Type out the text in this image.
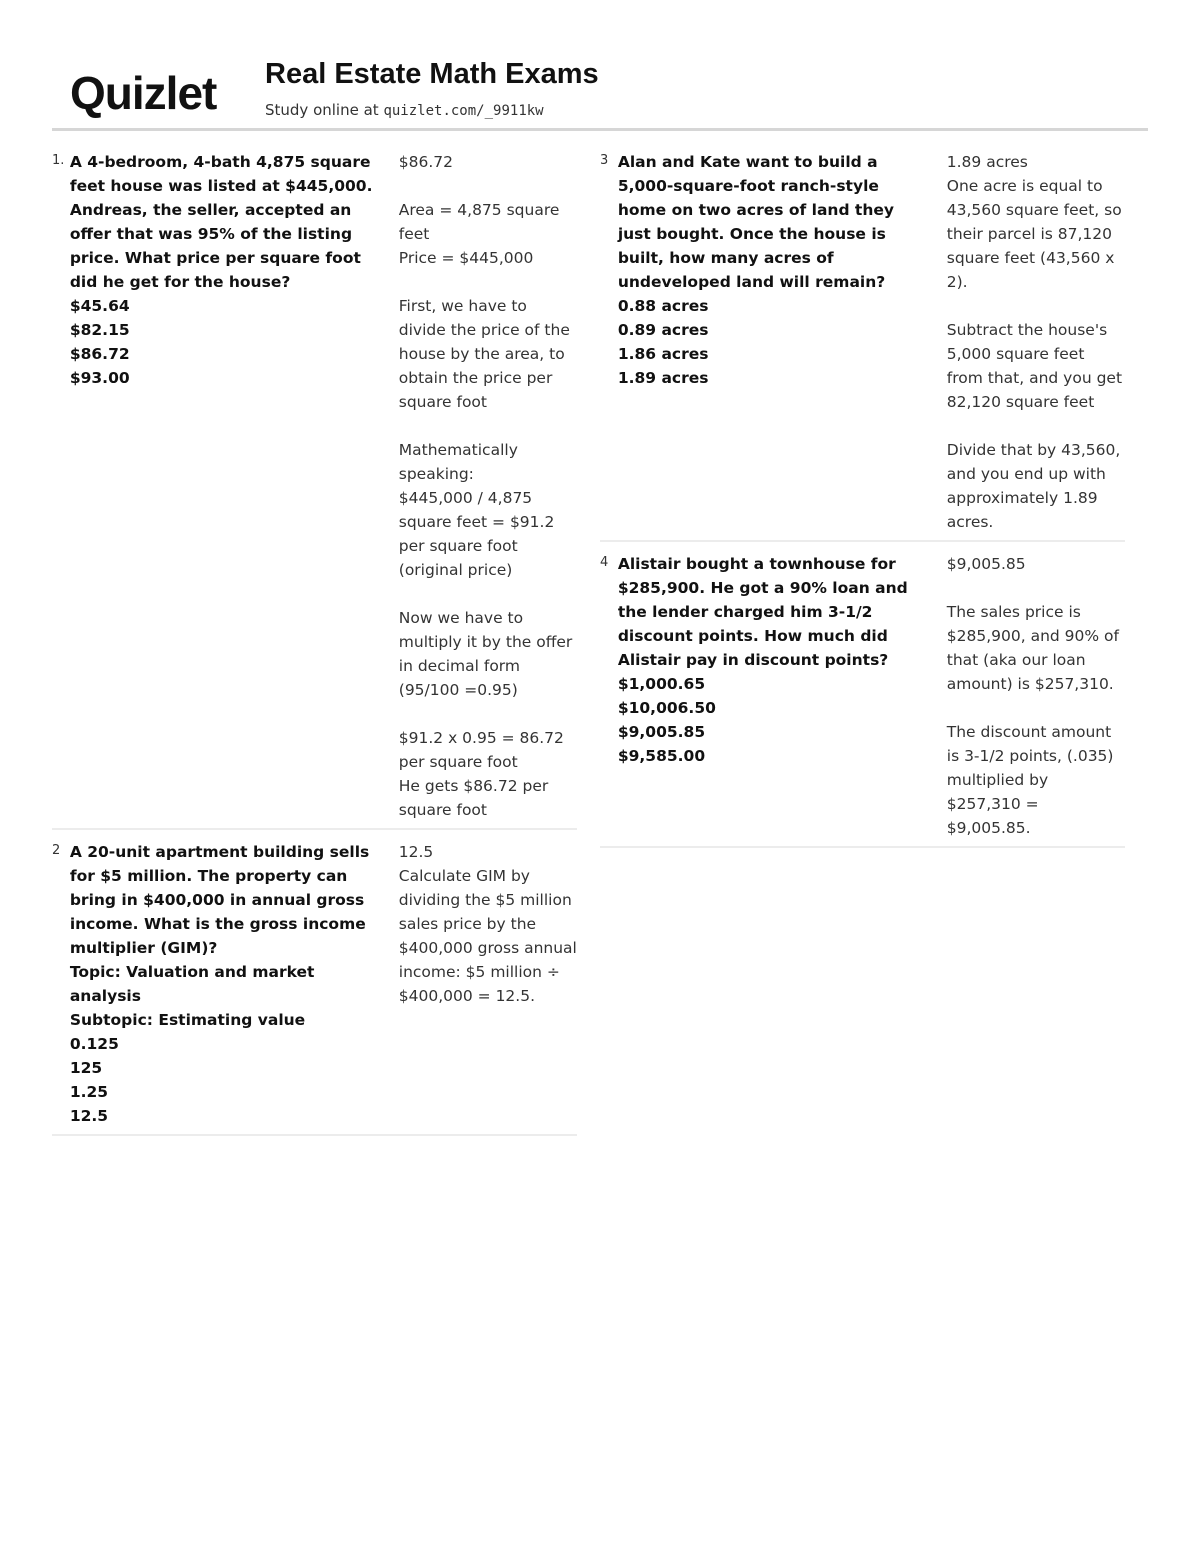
Quizlet Real Estate Math Exams
Study online at quizlet.com/_9911kw
1. A 4-bedroom, 4-bath 4,875 square feet house was listed at $445,000. Andreas, the seller, accepted an offer that was 95% of the listing price. What price per square foot did he get for the house?

$45.64

$82.15

$86.72

$93.00

$86.72

Area = 4,875 square feet
Price = $445,000

First, we have to divide the price of the house by the area, to obtain the price per square foot

Mathematically speaking:
$445,000 / 4,875 square feet = $91.2 per square foot (original price)

Now we have to multiply it by the offer in decimal form (95/100 =0.95)

$91.2 x 0.95 = 86.72 per square foot
He gets $86.72 per square foot

2 A 20-unit apartment building sells for $5 million. The property can bring in $400,000 in annual gross income. What is the gross income multiplier (GIM)?

Topic: Valuation and market analysis

Subtopic: Estimating value

0.125

125

1.25

12.5

12.5
Calculate GIM by dividing the $5 million sales price by the $400,000 gross annual income: $5 million ÷ $400,000 = 12.5.

3 Alan and Kate want to build a 5,000-square-foot ranch-style home on two acres of land they just bought. Once the house is built, how many acres of undeveloped land will remain?

0.88 acres

0.89 acres

1.86 acres

1.89 acres

1.89 acres
One acre is equal to 43,560 square feet, so their parcel is 87,120 square feet (43,560 x 2).

Subtract the house's 5,000 square feet from that, and you get 82,120 square feet

Divide that by 43,560, and you end up with approximately 1.89 acres.

4 Alistair bought a townhouse for $285,900. He got a 90% loan and the lender charged him 3-1/2 discount points. How much did Alistair pay in discount points?

$1,000.65

$10,006.50

$9,005.85

$9,585.00

$9,005.85

The sales price is $285,900, and 90% of that (aka our loan amount) is $257,310.

The discount amount is 3-1/2 points, (.035) multiplied by $257,310 = $9,005.85.
